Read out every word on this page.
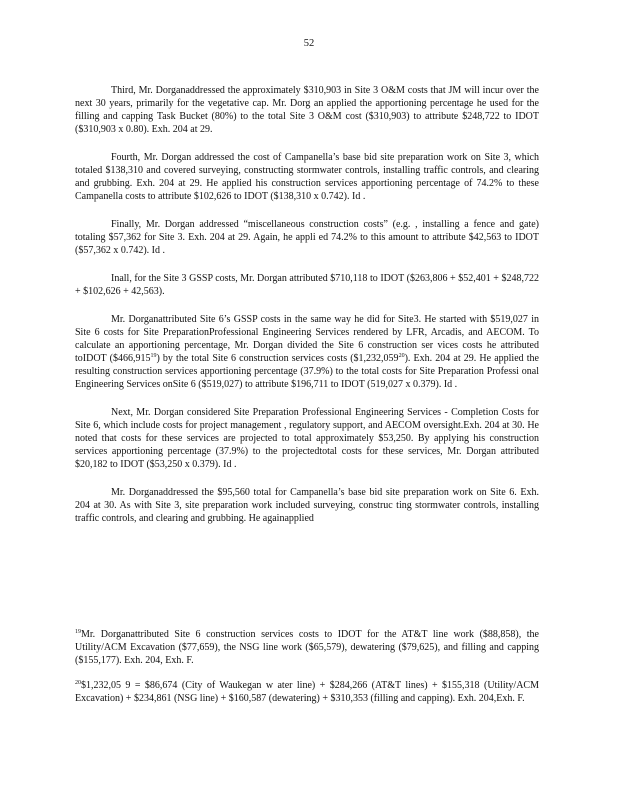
52

Third, Mr. Dorganaddressed the approximately $310,903 in Site 3 O&M costs that JM will incur over the next 30 years, primarily for the vegetative cap. Mr. Dorg an applied the apportioning percentage he used for the filling and capping Task Bucket (80%) to the total Site 3 O&M cost ($310,903) to attribute $248,722 to IDOT ($310,903 x 0.80). Exh. 204 at 29.

Fourth, Mr. Dorgan addressed the cost of Campanella’s base bid site preparation work on Site 3, which totaled $138,310 and covered surveying, constructing stormwater controls, installing traffic controls, and clearing and grubbing. Exh. 204 at 29. He applied his construction services apportioning percentage of 74.2% to these Campanella costs to attribute $102,626 to IDOT ($138,310 x 0.742). Id .

Finally, Mr. Dorgan addressed “miscellaneous construction costs” (e.g. , installing a fence and gate) totaling $57,362 for Site 3. Exh. 204 at 29. Again, he appli ed 74.2% to this amount to attribute $42,563 to IDOT ($57,362 x 0.742). Id .

Inall, for the Site 3 GSSP costs, Mr. Dorgan attributed $710,118 to IDOT ($263,806 + $52,401 + $248,722 + $102,626 + 42,563).

Mr. Dorganattributed Site 6’s GSSP costs in the same way he did for Site3. He started with $519,027 in Site 6 costs for Site PreparationProfessional Engineering Services rendered by LFR, Arcadis, and AECOM. To calculate an apportioning percentage, Mr. Dorgan divided the Site 6 construction ser vices costs he attributed toIDOT ($466,915$^{19}$) by the total Site 6 construction services costs ($1,232,059$^{20}$). Exh. 204 at 29. He applied the resulting construction services apportioning percentage (37.9%) to the total costs for Site Preparation Professi onal Engineering Services onSite 6 ($519,027) to attribute $196,711 to IDOT (519,027 x 0.379). Id .

Next, Mr. Dorgan considered Site Preparation Professional Engineering Services - Completion Costs for Site 6, which include costs for project management , regulatory support, and AECOM oversight.Exh. 204 at 30. He noted that costs for these services are projected to total approximately $53,250. By applying his construction services apportioning percentage (37.9%) to the projectedtotal costs for these services, Mr. Dorgan attributed $20,182 to IDOT ($53,250 x 0.379). Id .

Mr. Dorganaddressed the $95,560 total for Campanella’s base bid site preparation work on Site 6. Exh. 204 at 30. As with Site 3, site preparation work included surveying, construc ting stormwater controls, installing traffic controls, and clearing and grubbing. He againapplied

$^{19}$Mr. Dorganattributed Site 6 construction services costs to IDOT for the AT&T line work ($88,858), the Utility/ACM Excavation ($77,659), the NSG line work ($65,579), dewatering ($79,625), and filling and capping ($155,177). Exh. 204, Exh. F.

$^{20}$\$1,232,05 9 = $86,674 (City of Waukegan w ater line) + $284,266 (AT&T lines) + $155,318 (Utility/ACM Excavation) + $234,861 (NSG line) + $160,587 (dewatering) + $310,353 (filling and capping). Exh. 204,Exh. F.
